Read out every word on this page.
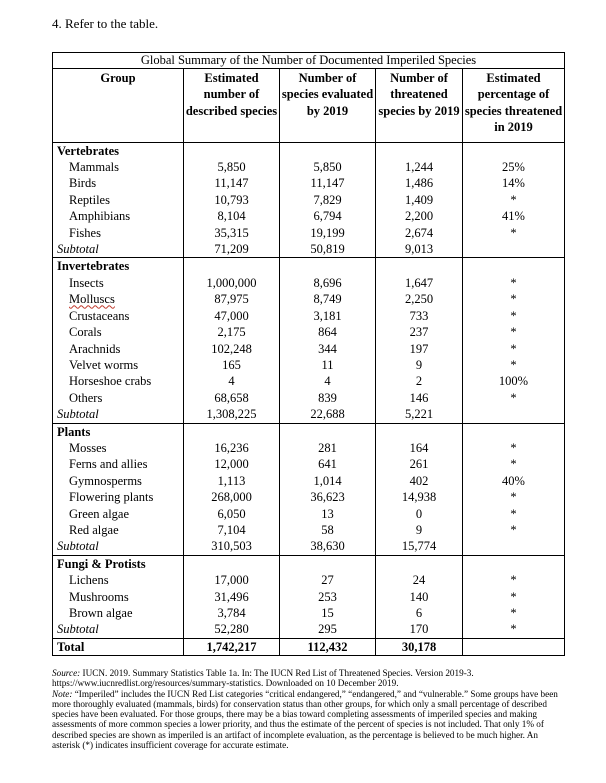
4. Refer to the table.
Global Summary of the Number of Documented Imperiled Species				
Group	Estimated number of described species	Number of species evaluated by 2019	Number of threatened species by 2019	Estimated percentage of species threatened in 2019
Vertebrates				
Mammals	5,850	5,850	1,244	25%
Birds	11,147	11,147	1,486	14%
Reptiles	10,793	7,829	1,409	*
Amphibians	8,104	6,794	2,200	41%
Fishes	35,315	19,199	2,674	*
Subtotal	71,209	50,819	9,013	
Invertebrates				
Insects	1,000,000	8,696	1,647	*
Molluscs	87,975	8,749	2,250	*
Crustaceans	47,000	3,181	733	*
Corals	2,175	864	237	*
Arachnids	102,248	344	197	*
Velvet worms	165	11	9	*
Horseshoe crabs	4	4	2	100%
Others	68,658	839	146	*
Subtotal	1,308,225	22,688	5,221	
Plants				
Mosses	16,236	281	164	*
Ferns and allies	12,000	641	261	*
Gymnosperms	1,113	1,014	402	40%
Flowering plants	268,000	36,623	14,938	*
Green algae	6,050	13	0	*
Red algae	7,104	58	9	*
Subtotal	310,503	38,630	15,774	
Fungi & Protists				
Lichens	17,000	27	24	*
Mushrooms	31,496	253	140	*
Brown algae	3,784	15	6	*
Subtotal	52,280	295	170	*
Total	1,742,217	112,432	30,178	

Source: IUCN. 2019. Summary Statistics Table 1a. In: The IUCN Red List of Threatened Species. Version 2019-3. https://www.iucnredlist.org/resources/summary-statistics. Downloaded on 10 December 2019.

Note: “Imperiled” includes the IUCN Red List categories “critical endangered,” “endangered,” and “vulnerable.” Some groups have been more thoroughly evaluated (mammals, birds) for conservation status than other groups, for which only a small percentage of described species have been evaluated. For those groups, there may be a bias toward completing assessments of imperiled species and making assessments of more common species a lower priority, and thus the estimate of the percent of species is not included. That only 1% of described species are shown as imperiled is an artifact of incomplete evaluation, as the percentage is believed to be much higher. An asterisk (*) indicates insufficient coverage for accurate estimate.
